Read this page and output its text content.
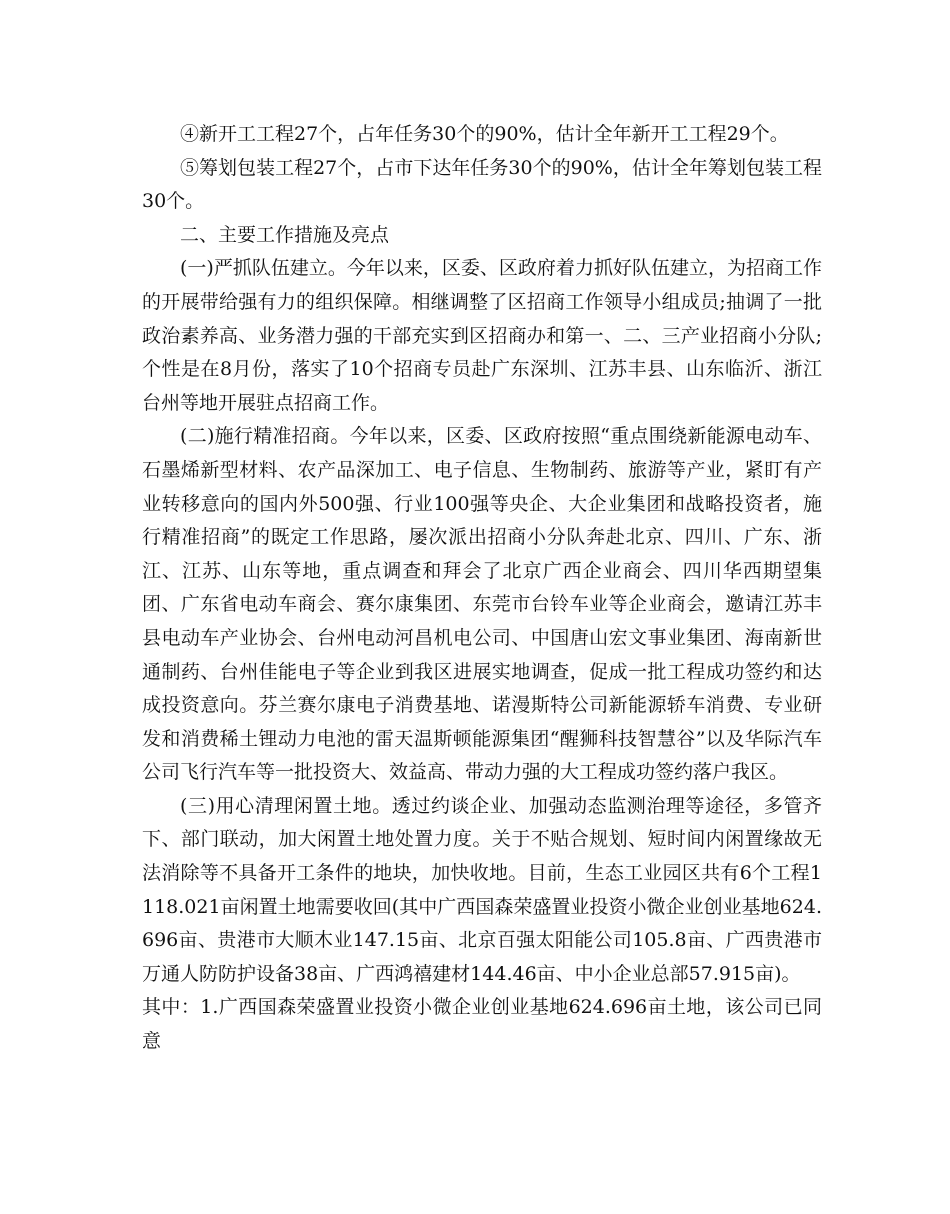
④新开工工程27个，占年任务30个的90%，估计全年新开工工程29个。

⑤筹划包装工程27个，占市下达年任务30个的90%，估计全年筹划包装工程30个。

二、主要工作措施及亮点

(一)严抓队伍建立。今年以来，区委、区政府着力抓好队伍建立，为招商工作的开展带给强有力的组织保障。相继调整了区招商工作领导小组成员;抽调了一批政治素养高、业务潜力强的干部充实到区招商办和第一、二、三产业招商小分队;个性是在8月份，落实了10个招商专员赴广东深圳、江苏丰县、山东临沂、浙江台州等地开展驻点招商工作。

(二)施行精准招商。今年以来，区委、区政府按照“重点围绕新能源电动车、石墨烯新型材料、农产品深加工、电子信息、生物制药、旅游等产业，紧盯有产业转移意向的国内外500强、行业100强等央企、大企业集团和战略投资者，施行精准招商”的既定工作思路，屡次派出招商小分队奔赴北京、四川、广东、浙江、江苏、山东等地，重点调查和拜会了北京广西企业商会、四川华西期望集团、广东省电动车商会、赛尔康集团、东莞市台铃车业等企业商会，邀请江苏丰县电动车产业协会、台州电动河昌机电公司、中国唐山宏文事业集团、海南新世通制药、台州佳能电子等企业到我区进展实地调查，促成一批工程成功签约和达成投资意向。芬兰赛尔康电子消费基地、诺漫斯特公司新能源轿车消费、专业研发和消费稀土锂动力电池的雷天温斯顿能源集团“醒狮科技智慧谷”以及华际汽车公司飞行汽车等一批投资大、效益高、带动力强的大工程成功签约落户我区。

(三)用心清理闲置土地。透过约谈企业、加强动态监测治理等途径，多管齐下、部门联动，加大闲置土地处置力度。关于不贴合规划、短时间内闲置缘故无法消除等不具备开工条件的地块，加快收地。目前，生态工业园区共有6个工程1118.021亩闲置土地需要收回(其中广西国森荣盛置业投资小微企业创业基地624.696亩、贵港市大顺木业147.15亩、北京百强太阳能公司105.8亩、广西贵港市万通人防防护设备38亩、广西鸿禧建材144.46亩、中小企业总部57.915亩)。

其中：1.广西国森荣盛置业投资小微企业创业基地624.696亩土地，该公司已同意
